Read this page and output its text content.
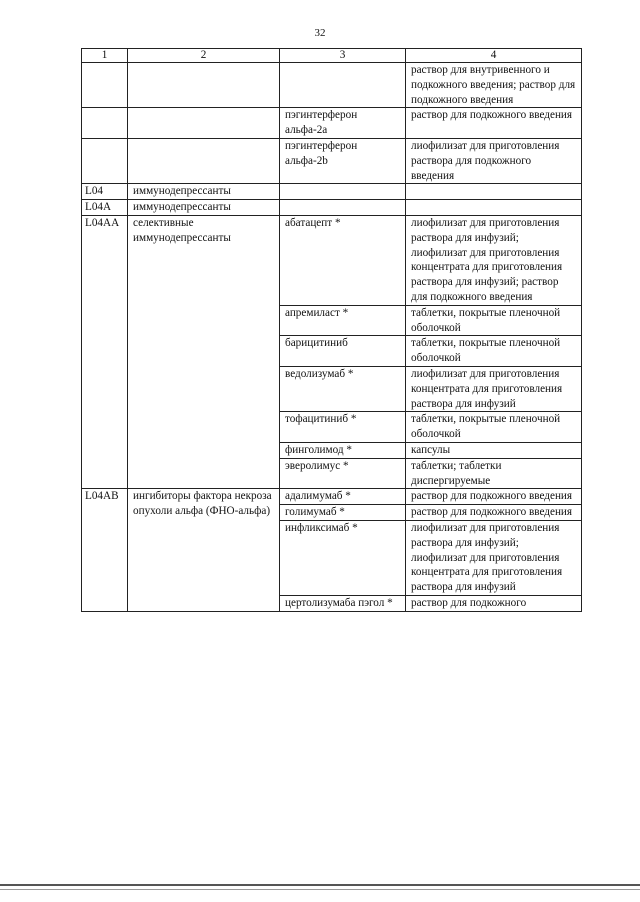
32
1	2	3	4
			раствор для внутривенного и подкожного введения; раствор для подкожного введения
		пэгинтерферон альфа-2a	раствор для подкожного введения
		пэгинтерферон альфа-2b	лиофилизат для приготовления раствора для подкожного введения
L04	иммунодепрессанты		
L04A	иммунодепрессанты		
L04AA	селективные иммунодепрессанты	абатацепт *	лиофилизат для приготовления раствора для инфузий; лиофилизат для приготовления концентрата для приготовления раствора для инфузий; раствор для подкожного введения
		апремиласт *	таблетки, покрытые пленочной оболочкой
		барицитиниб	таблетки, покрытые пленочной оболочкой
		ведолизумаб *	лиофилизат для приготовления концентрата для приготовления раствора для инфузий
		тофацитиниб *	таблетки, покрытые пленочной оболочкой
		финголимод *	капсулы
		эверолимус *	таблетки; таблетки диспергируемые
L04AB	ингибиторы фактора некроза опухоли альфа (ФНО-альфа)	адалимумаб *	раствор для подкожного введения
		голимумаб *	раствор для подкожного введения
		инфликсимаб *	лиофилизат для приготовления раствора для инфузий; лиофилизат для приготовления концентрата для приготовления раствора для инфузий
		цертолизумаба пэгол *	раствор для подкожного
